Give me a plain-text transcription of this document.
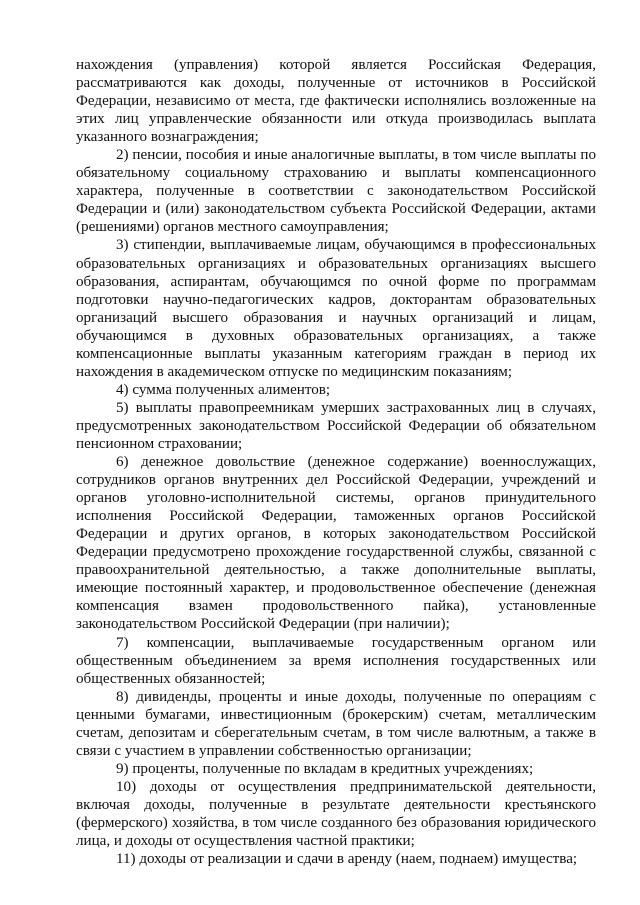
нахождения (управления) которой является Российская Федерация, рассматриваются как доходы, полученные от источников в Российской Федерации, независимо от места, где фактически исполнялись возложенные на этих лиц управленческие обязанности или откуда производилась выплата указанного вознаграждения;

2) пенсии, пособия и иные аналогичные выплаты, в том числе выплаты по обязательному социальному страхованию и выплаты компенсационного характера, полученные в соответствии с законодательством Российской Федерации и (или) законодательством субъекта Российской Федерации, актами (решениями) органов местного самоуправления;

3) стипендии, выплачиваемые лицам, обучающимся в профессиональных образовательных организациях и образовательных организациях высшего образования, аспирантам, обучающимся по очной форме по программам подготовки научно-педагогических кадров, докторантам образовательных организаций высшего образования и научных организаций и лицам, обучающимся в духовных образовательных организациях, а также компенсационные выплаты указанным категориям граждан в период их нахождения в академическом отпуске по медицинским показаниям;

4) сумма полученных алиментов;

5) выплаты правопреемникам умерших застрахованных лиц в случаях, предусмотренных законодательством Российской Федерации об обязательном пенсионном страховании;

6) денежное довольствие (денежное содержание) военнослужащих, сотрудников органов внутренних дел Российской Федерации, учреждений и органов уголовно-исполнительной системы, органов принудительного исполнения Российской Федерации, таможенных органов Российской Федерации и других органов, в которых законодательством Российской Федерации предусмотрено прохождение государственной службы, связанной с правоохранительной деятельностью, а также дополнительные выплаты, имеющие постоянный характер, и продовольственное обеспечение (денежная компенсация взамен продовольственного пайка), установленные законодательством Российской Федерации (при наличии);

7) компенсации, выплачиваемые государственным органом или общественным объединением за время исполнения государственных или общественных обязанностей;

8) дивиденды, проценты и иные доходы, полученные по операциям с ценными бумагами, инвестиционным (брокерским) счетам, металлическим счетам, депозитам и сберегательным счетам, в том числе валютным, а также в связи с участием в управлении собственностью организации;

9) проценты, полученные по вкладам в кредитных учреждениях;

10) доходы от осуществления предпринимательской деятельности, включая доходы, полученные в результате деятельности крестьянского (фермерского) хозяйства, в том числе созданного без образования юридического лица, и доходы от осуществления частной практики;

11) доходы от реализации и сдачи в аренду (наем, поднаем) имущества;
